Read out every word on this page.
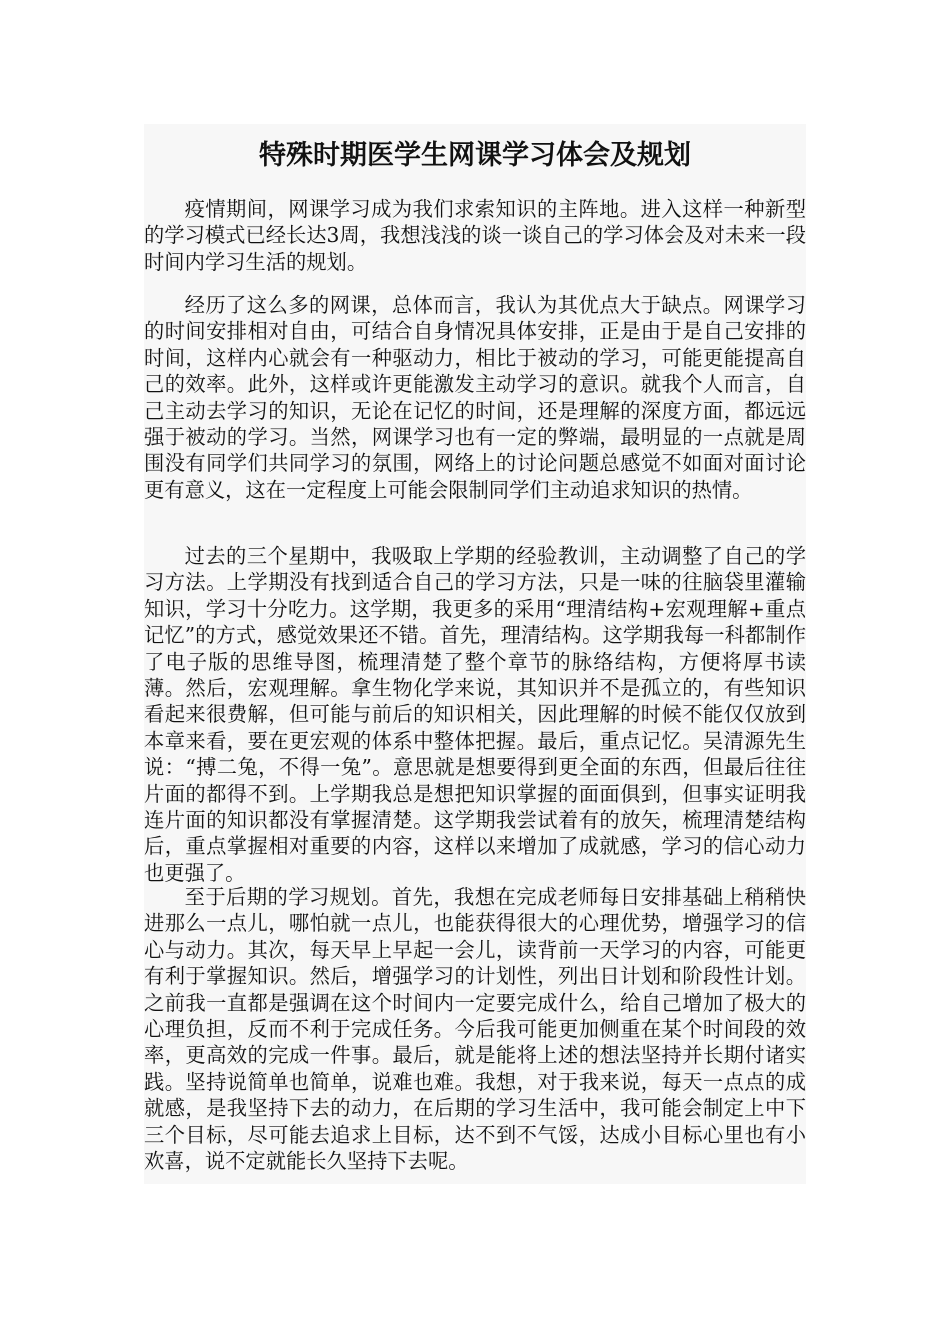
特殊时期医学生网课学习体会及规划

疫情期间，网课学习成为我们求索知识的主阵地。进入这样一种新型的学习模式已经长达3周，我想浅浅的谈一谈自己的学习体会及对未来一段时间内学习生活的规划。

经历了这么多的网课，总体而言，我认为其优点大于缺点。网课学习的时间安排相对自由，可结合自身情况具体安排，正是由于是自己安排的时间，这样内心就会有一种驱动力，相比于被动的学习，可能更能提高自己的效率。此外，这样或许更能激发主动学习的意识。就我个人而言，自己主动去学习的知识，无论在记忆的时间，还是理解的深度方面，都远远强于被动的学习。当然，网课学习也有一定的弊端，最明显的一点就是周围没有同学们共同学习的氛围，网络上的讨论问题总感觉不如面对面讨论更有意义，这在一定程度上可能会限制同学们主动追求知识的热情。

过去的三个星期中，我吸取上学期的经验教训，主动调整了自己的学习方法。上学期没有找到适合自己的学习方法，只是一味的往脑袋里灌输知识，学习十分吃力。这学期，我更多的采用“理清结构+宏观理解+重点记忆”的方式，感觉效果还不错。首先，理清结构。这学期我每一科都制作了电子版的思维导图，梳理清楚了整个章节的脉络结构，方便将厚书读薄。然后，宏观理解。拿生物化学来说，其知识并不是孤立的，有些知识看起来很费解，但可能与前后的知识相关，因此理解的时候不能仅仅放到本章来看，要在更宏观的体系中整体把握。最后，重点记忆。吴清源先生说：“搏二兔，不得一兔”。意思就是想要得到更全面的东西，但最后往往片面的都得不到。上学期我总是想把知识掌握的面面俱到，但事实证明我连片面的知识都没有掌握清楚。这学期我尝试着有的放矢，梳理清楚结构后，重点掌握相对重要的内容，这样以来增加了成就感，学习的信心动力也更强了。

至于后期的学习规划。首先，我想在完成老师每日安排基础上稍稍快进那么一点儿，哪怕就一点儿，也能获得很大的心理优势，增强学习的信心与动力。其次，每天早上早起一会儿，读背前一天学习的内容，可能更有利于掌握知识。然后，增强学习的计划性，列出日计划和阶段性计划。之前我一直都是强调在这个时间内一定要完成什么，给自己增加了极大的心理负担，反而不利于完成任务。今后我可能更加侧重在某个时间段的效率，更高效的完成一件事。最后，就是能将上述的想法坚持并长期付诸实践。坚持说简单也简单，说难也难。我想，对于我来说，每天一点点的成就感，是我坚持下去的动力，在后期的学习生活中，我可能会制定上中下三个目标，尽可能去追求上目标，达不到不气馁，达成小目标心里也有小欢喜，说不定就能长久坚持下去呢。
